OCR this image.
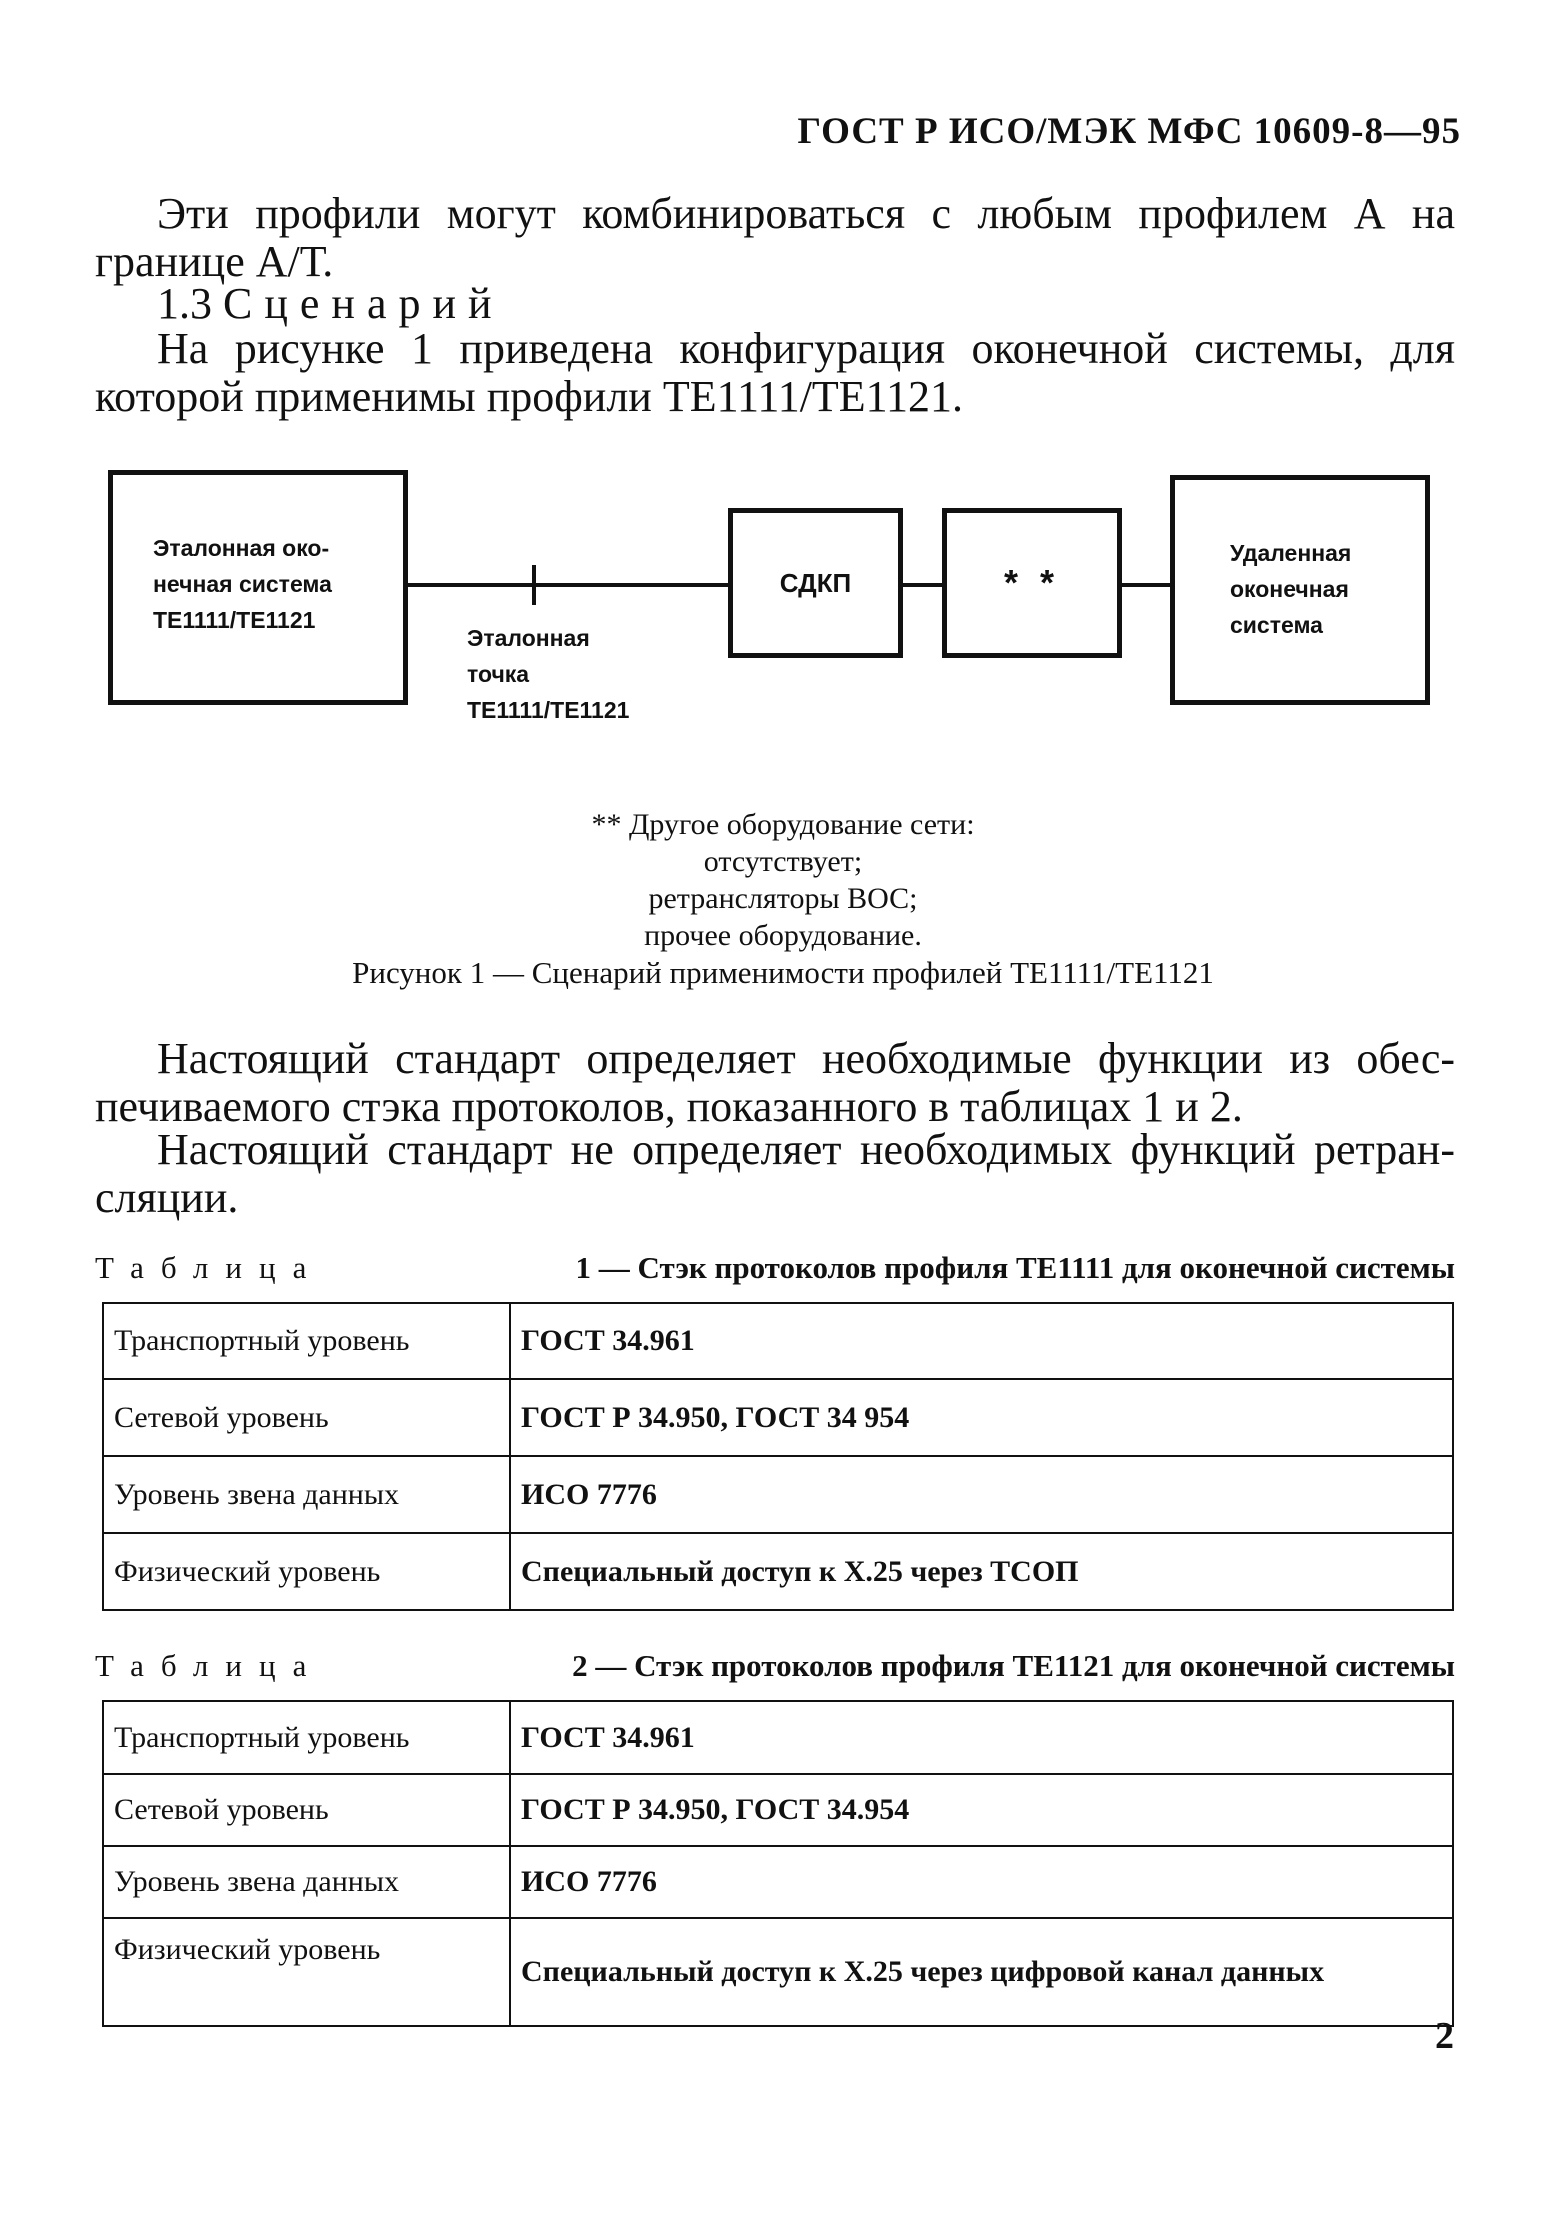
ГОСТ Р ИСО/МЭК МФС 10609-8—95
Эти профили могут комбинироваться с любым профилем А на
границе А/Т.
1.3 Сценарий
На рисунке 1 приведена конфигурация оконечной системы, для
которой применимы профили ТЕ1111/ТЕ1121.
Эталонная око-
нечная система
ТЕ1111/ТЕ1121
Эталонная
точка
ТЕ1111/ТЕ1121
СДКП	* *
Удаленная
оконечная
система
** Другое оборудование сети:
отсутствует;
ретрансляторы ВОС;
прочее оборудование.
Рисунок 1 — Сценарий применимости профилей ТЕ1111/ТЕ1121
Настоящий стандарт определяет необходимые функции из обес-
печиваемого стэка протоколов, показанного в таблицах 1 и 2.
Настоящий стандарт не определяет необходимых функций ретран-
сляции.
Таблица	1 — Стэк протоколов профиля ТЕ1111 для оконечной системы
Транспортный уровень	ГОСТ 34.961
Сетевой уровень	ГОСТ Р 34.950, ГОСТ 34 954
Уровень звена данных	ИСО 7776
Физический уровень	Специальный доступ к Х.25 через ТСОП
Таблица	2 — Стэк протоколов профиля ТЕ1121 для оконечной системы
Транспортный уровень	ГОСТ 34.961
Сетевой уровень	ГОСТ Р 34.950, ГОСТ 34.954
Уровень звена данных	ИСО 7776
Физический уровень	Специальный доступ к Х.25 через цифровой канал данных
2
